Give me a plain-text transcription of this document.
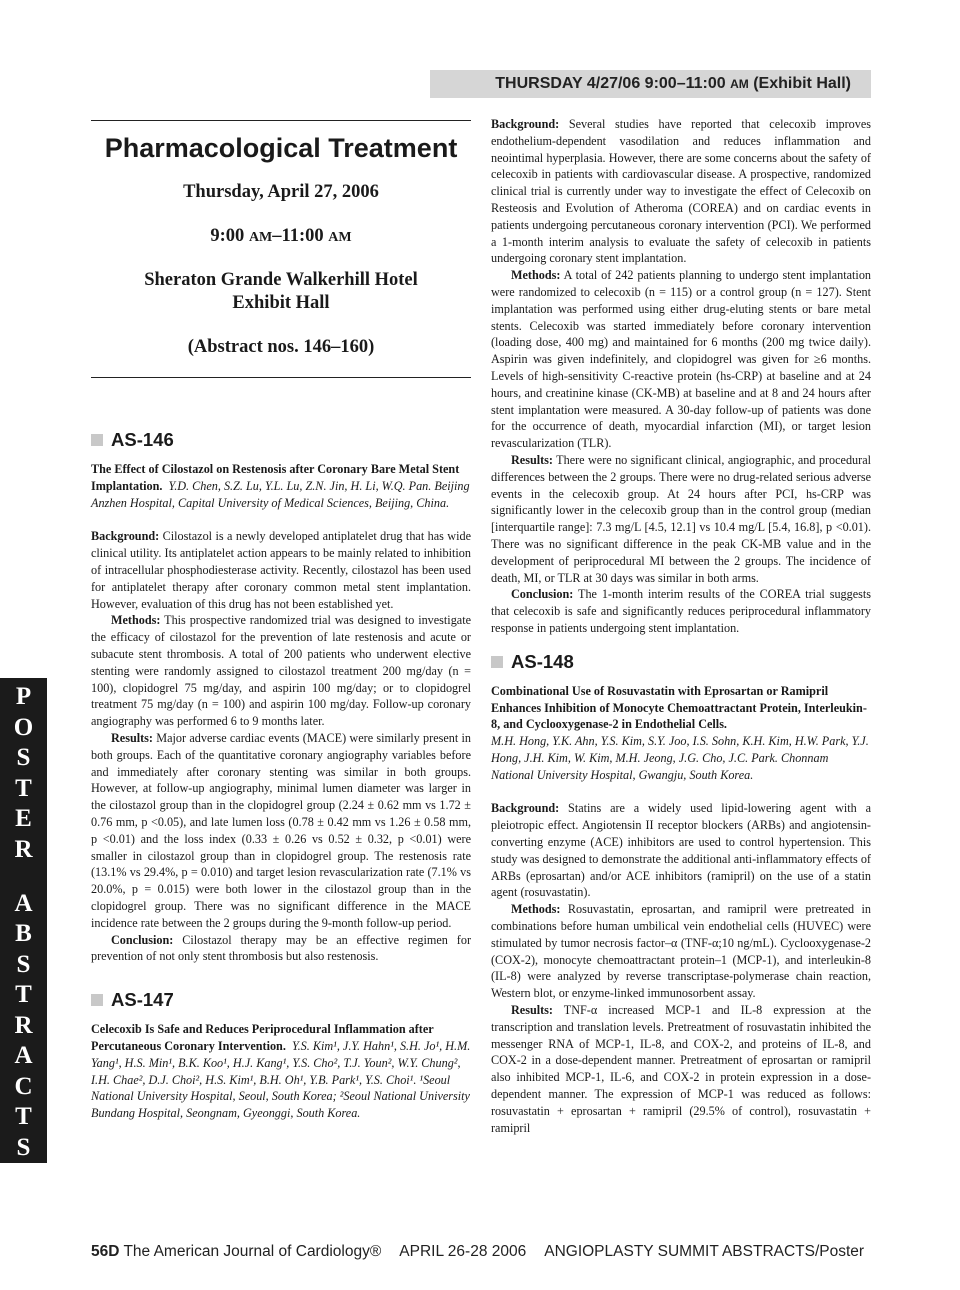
THURSDAY 4/27/06 9:00–11:00
AM
(Exhibit Hall)
Pharmacological Treatment
Thursday, April 27, 2006
9:00 AM–11:00 AM
Sheraton Grande Walkerhill Hotel
Exhibit Hall
(Abstract nos. 146–160)
AS-146
The Effect of Cilostazol on Restenosis after Coronary Bare Metal Stent Implantation. Y.D. Chen, S.Z. Lu, Y.L. Lu, Z.N. Jin, H. Li, W.Q. Pan. Beijing Anzhen Hospital, Capital University of Medical Sciences, Beijing, China.

Background: Cilostazol is a newly developed antiplatelet drug that has wide clinical utility. Its antiplatelet action appears to be mainly related to inhibition of intracellular phosphodiesterase activity. Recently, cilostazol has been used for antiplatelet therapy after coronary common metal stent implantation. However, evaluation of this drug has not been established yet.

Methods: This prospective randomized trial was designed to investigate the efficacy of cilostazol for the prevention of late restenosis and acute or subacute stent thrombosis. A total of 200 patients who underwent elective stenting were randomly assigned to cilostazol treatment 200 mg/day (n = 100), clopidogrel 75 mg/day, and aspirin 100 mg/day; or to clopidogrel treatment 75 mg/day (n = 100) and aspirin 100 mg/day. Follow-up coronary angiography was performed 6 to 9 months later.

Results: Major adverse cardiac events (MACE) were similarly present in both groups. Each of the quantitative coronary angiography variables before and immediately after coronary stenting was similar in both groups. However, at follow-up angiography, minimal lumen diameter was larger in the cilostazol group than in the clopidogrel group (2.24 ± 0.62 mm vs 1.72 ± 0.76 mm, p <0.05), and late lumen loss (0.78 ± 0.42 mm vs 1.26 ± 0.58 mm, p <0.01) and the loss index (0.33 ± 0.26 vs 0.52 ± 0.32, p <0.01) were smaller in cilostazol group than in clopidogrel group. The restenosis rate (13.1% vs 29.4%, p = 0.010) and target lesion revascularization rate (7.1% vs 20.0%, p = 0.015) were both lower in the cilostazol group than in the clopidogrel group. There was no significant difference in the MACE incidence rate between the 2 groups during the 9-month follow-up period.

Conclusion: Cilostazol therapy may be an effective regimen for prevention of not only stent thrombosis but also restenosis.

AS-147
Celecoxib Is Safe and Reduces Periprocedural Inflammation after Percutaneous Coronary Intervention. Y.S. Kim¹, J.Y. Hahn¹, S.H. Jo¹, H.M. Yang¹, H.S. Min¹, B.K. Koo¹, H.J. Kang¹, Y.S. Cho², T.J. Youn², W.Y. Chung², I.H. Chae², D.J. Choi², H.S. Kim¹, B.H. Oh¹, Y.B. Park¹, Y.S. Choi¹. ¹Seoul National University Hospital, Seoul, South Korea; ²Seoul National University Bundang Hospital, Seongnam, Gyeonggi, South Korea.

Background: Several studies have reported that celecoxib improves endothelium-dependent vasodilation and reduces inflammation and neointimal hyperplasia. However, there are some concerns about the safety of celecoxib in patients with cardiovascular disease. A prospective, randomized clinical trial is currently under way to investigate the effect of Celecoxib on Resteosis and Evolution of Atheroma (COREA) and on cardiac events in patients undergoing percutaneous coronary intervention (PCI). We performed a 1-month interim analysis to evaluate the safety of celecoxib in patients undergoing coronary stent implantation.

Methods: A total of 242 patients planning to undergo stent implantation were randomized to celecoxib (n = 115) or a control group (n = 127). Stent implantation was performed using either drug-eluting stents or bare metal stents. Celecoxib was started immediately before coronary intervention (loading dose, 400 mg) and maintained for 6 months (200 mg twice daily). Aspirin was given indefinitely, and clopidogrel was given for ≥6 months. Levels of high-sensitivity C-reactive protein (hs-CRP) at baseline and at 24 hours, and creatinine kinase (CK-MB) at baseline and at 8 and 24 hours after stent implantation were measured. A 30-day follow-up of patients was done for the occurrence of death, myocardial infarction (MI), or target lesion revascularization (TLR).

Results: There were no significant clinical, angiographic, and procedural differences between the 2 groups. There were no drug-related serious adverse events in the celecoxib group. At 24 hours after PCI, hs-CRP was significantly lower in the celecoxib group than in the control group (median [interquartile range]: 7.3 mg/L [4.5, 12.1] vs 10.4 mg/L [5.4, 16.8], p <0.01). There was no significant difference in the peak CK-MB value and in the development of periprocedural MI between the 2 groups. The incidence of death, MI, or TLR at 30 days was similar in both arms.

Conclusion: The 1-month interim results of the COREA trial suggests that celecoxib is safe and significantly reduces periprocedural inflammatory response in patients undergoing stent implantation.

AS-148
Combinational Use of Rosuvastatin with Eprosartan or Ramipril Enhances Inhibition of Monocyte Chemoattractant Protein, Interleukin-8, and Cyclooxygenase-2 in Endothelial Cells.
M.H. Hong, Y.K. Ahn, Y.S. Kim, S.Y. Joo, I.S. Sohn, K.H. Kim, H.W. Park, Y.J. Hong, J.H. Kim, W. Kim, M.H. Jeong, J.G. Cho, J.C. Park. Chonnam National University Hospital, Gwangju, South Korea.

Background: Statins are a widely used lipid-lowering agent with a pleiotropic effect. Angiotensin II receptor blockers (ARBs) and angiotensin-converting enzyme (ACE) inhibitors are used to control hypertension. This study was designed to demonstrate the additional anti-inflammatory effects of ARBs (eprosartan) and/or ACE inhibitors (ramipril) on the use of a statin agent (rosuvastatin).

Methods: Rosuvastatin, eprosartan, and ramipril were pretreated in combinations before human umbilical vein endothelial cells (HUVEC) were stimulated by tumor necrosis factor–α (TNF-α;10 ng/mL). Cyclooxygenase-2 (COX-2), monocyte chemoattractant protein–1 (MCP-1), and interleukin-8 (IL-8) were analyzed by reverse transcriptase-polymerase chain reaction, Western blot, or enzyme-linked immunosorbent assay.

Results: TNF-α increased MCP-1 and IL-8 expression at the transcription and translation levels. Pretreatment of rosuvastatin inhibited the messenger RNA of MCP-1, IL-8, and COX-2, and proteins of IL-8, and COX-2 in a dose-dependent manner. Pretreatment of eprosartan or ramipril also inhibited MCP-1, IL-6, and COX-2 in protein expression in a dose-dependent manner. The expression of MCP-1 was reduced as follows: rosuvastatin + eprosartan + ramipril (29.5% of control), rosuvastatin + ramipril

P
O
S
T
E
R
A
B
S
T
R
A
C
T
S
56D The American Journal of Cardiology® APRIL 26-28 2006 ANGIOPLASTY SUMMIT ABSTRACTS/Poster
